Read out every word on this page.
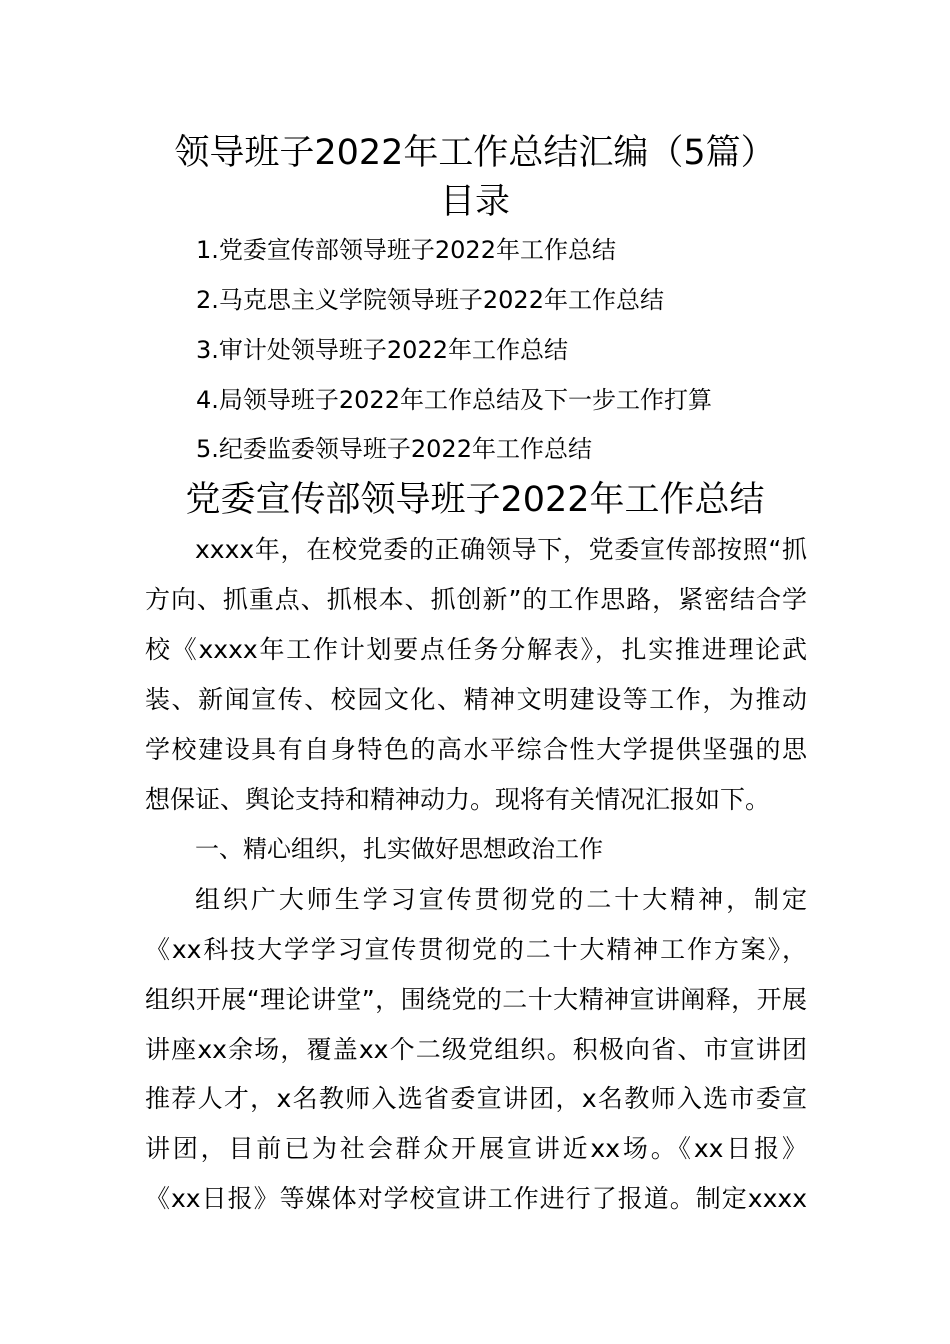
领导班子2022年工作总结汇编（5篇）
目录
1.党委宣传部领导班子2022年工作总结
2.马克思主义学院领导班子2022年工作总结
3.审计处领导班子2022年工作总结
4.局领导班子2022年工作总结及下一步工作打算
5.纪委监委领导班子2022年工作总结
党委宣传部领导班子2022年工作总结
xxxx年，在校党委的正确领导下，党委宣传部按照“抓
方向、抓重点、抓根本、抓创新”的工作思路，紧密结合学
校《xxxx年工作计划要点任务分解表》，扎实推进理论武
装、新闻宣传、校园文化、精神文明建设等工作，为推动
学校建设具有自身特色的高水平综合性大学提供坚强的思
想保证、舆论支持和精神动力。现将有关情况汇报如下。
一、精心组织，扎实做好思想政治工作
组织广大师生学习宣传贯彻党的二十大精神，制定
《xx科技大学学习宣传贯彻党的二十大精神工作方案》，
组织开展“理论讲堂”，围绕党的二十大精神宣讲阐释，开展
讲座xx余场，覆盖xx个二级党组织。积极向省、市宣讲团
推荐人才，x名教师入选省委宣讲团，x名教师入选市委宣
讲团，目前已为社会群众开展宣讲近xx场。《xx日报》
《xx日报》等媒体对学校宣讲工作进行了报道。制定xxxx
